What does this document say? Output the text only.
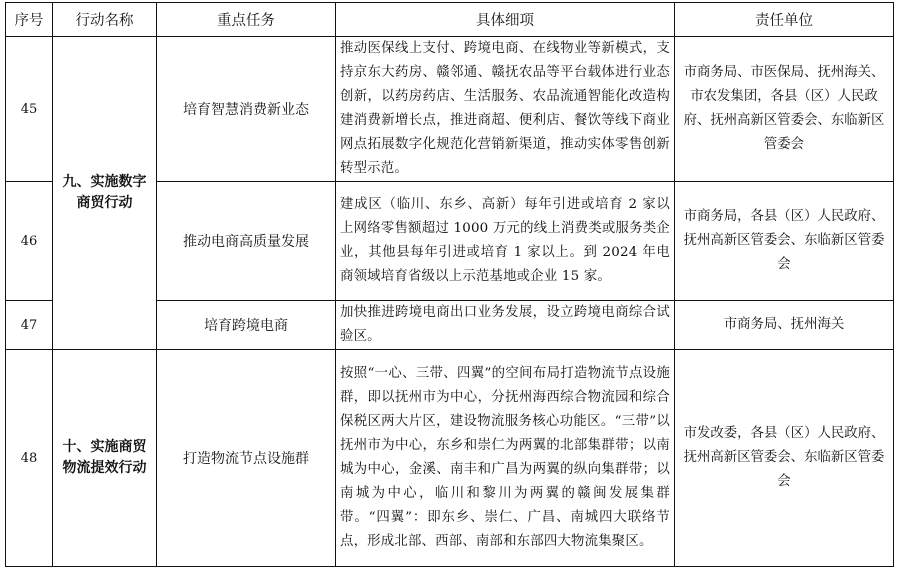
序号	行动名称	重点任务	具体细项	责任单位
45	九、实施数字商贸行动	培育智慧消费新业态	推动医保线上支付、跨境电商、在线物业等新模式，支持京东大药房、赣邻通、赣抚农品等平台载体进行业态创新，以药房药店、生活服务、农品流通智能化改造构建消费新增长点，推进商超、便利店、餐饮等线下商业网点拓展数字化规范化营销新渠道，推动实体零售创新转型示范。	市商务局、市医保局、抚州海关、市农发集团，各县（区）人民政府、抚州高新区管委会、东临新区管委会
46		推动电商高质量发展	建成区（临川、东乡、高新）每年引进或培育 2 家以上网络零售额超过 1000 万元的线上消费类或服务类企业，其他县每年引进或培育 1 家以上。到 2024 年电商领域培育省级以上示范基地或企业 15 家。	市商务局，各县（区）人民政府、抚州高新区管委会、东临新区管委会
47		培育跨境电商	加快推进跨境电商出口业务发展，设立跨境电商综合试验区。	市商务局、抚州海关
48	十、实施商贸物流提效行动	打造物流节点设施群	按照“一心、三带、四翼”的空间布局打造物流节点设施群，即以抚州市为中心，分抚州海西综合物流园和综合保税区两大片区，建设物流服务核心功能区。“三带”以抚州市为中心，东乡和崇仁为两翼的北部集群带；以南城为中心，金溪、南丰和广昌为两翼的纵向集群带；以南城为中心，临川和黎川为两翼的赣闽发展集群带。“四翼”：即东乡、崇仁、广昌、南城四大联络节点，形成北部、西部、南部和东部四大物流集聚区。	市发改委，各县（区）人民政府、抚州高新区管委会、东临新区管委会
